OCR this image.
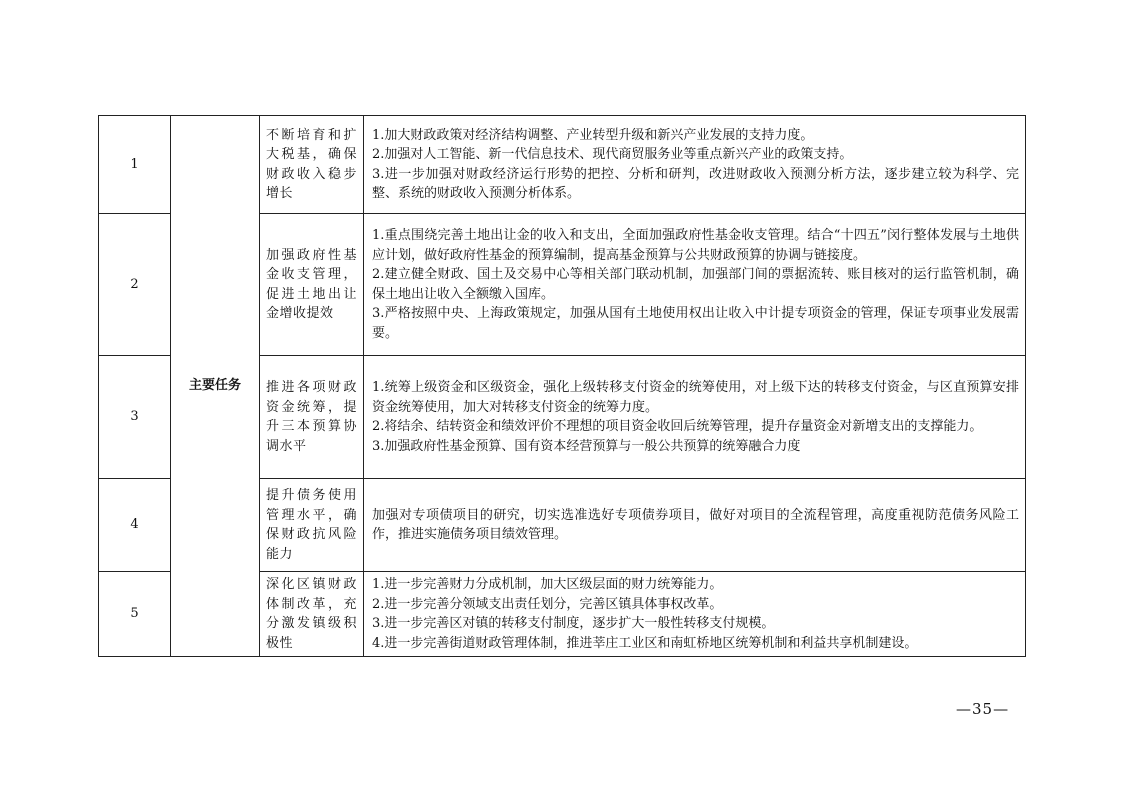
1	主要任务	不断培育和扩大税基，确保财政收入稳步增长	1.加大财政政策对经济结构调整、产业转型升级和新兴产业发展的支持力度。
2.加强对人工智能、新一代信息技术、现代商贸服务业等重点新兴产业的政策支持。
3.进一步加强对财政经济运行形势的把控、分析和研判，改进财政收入预测分析方法，逐步建立较为科学、完整、系统的财政收入预测分析体系。

2		加强政府性基金收支管理，促进土地出让金增收提效	1.重点围绕完善土地出让金的收入和支出，全面加强政府性基金收支管理。结合“十四五”闵行整体发展与土地供应计划，做好政府性基金的预算编制，提高基金预算与公共财政预算的协调与链接度。
2.建立健全财政、国土及交易中心等相关部门联动机制，加强部门间的票据流转、账目核对的运行监管机制，确保土地出让收入全额缴入国库。
3.严格按照中央、上海政策规定，加强从国有土地使用权出让收入中计提专项资金的管理，保证专项事业发展需要。

3		推进各项财政资金统筹，提升三本预算协调水平	1.统筹上级资金和区级资金，强化上级转移支付资金的统筹使用，对上级下达的转移支付资金，与区直预算安排资金统筹使用，加大对转移支付资金的统筹力度。
2.将结余、结转资金和绩效评价不理想的项目资金收回后统筹管理，提升存量资金对新增支出的支撑能力。
3.加强政府性基金预算、国有资本经营预算与一般公共预算的统筹融合力度

4		提升债务使用管理水平，确保财政抗风险能力	加强对专项债项目的研究，切实选准选好专项债券项目，做好对项目的全流程管理，高度重视防范债务风险工作，推进实施债务项目绩效管理。

5		深化区镇财政体制改革，充分激发镇级积极性	1.进一步完善财力分成机制，加大区级层面的财力统筹能力。
2.进一步完善分领域支出责任划分，完善区镇具体事权改革。
3.进一步完善区对镇的转移支付制度，逐步扩大一般性转移支付规模。
4.进一步完善街道财政管理体制，推进莘庄工业区和南虹桥地区统筹机制和利益共享机制建设。
—35—
